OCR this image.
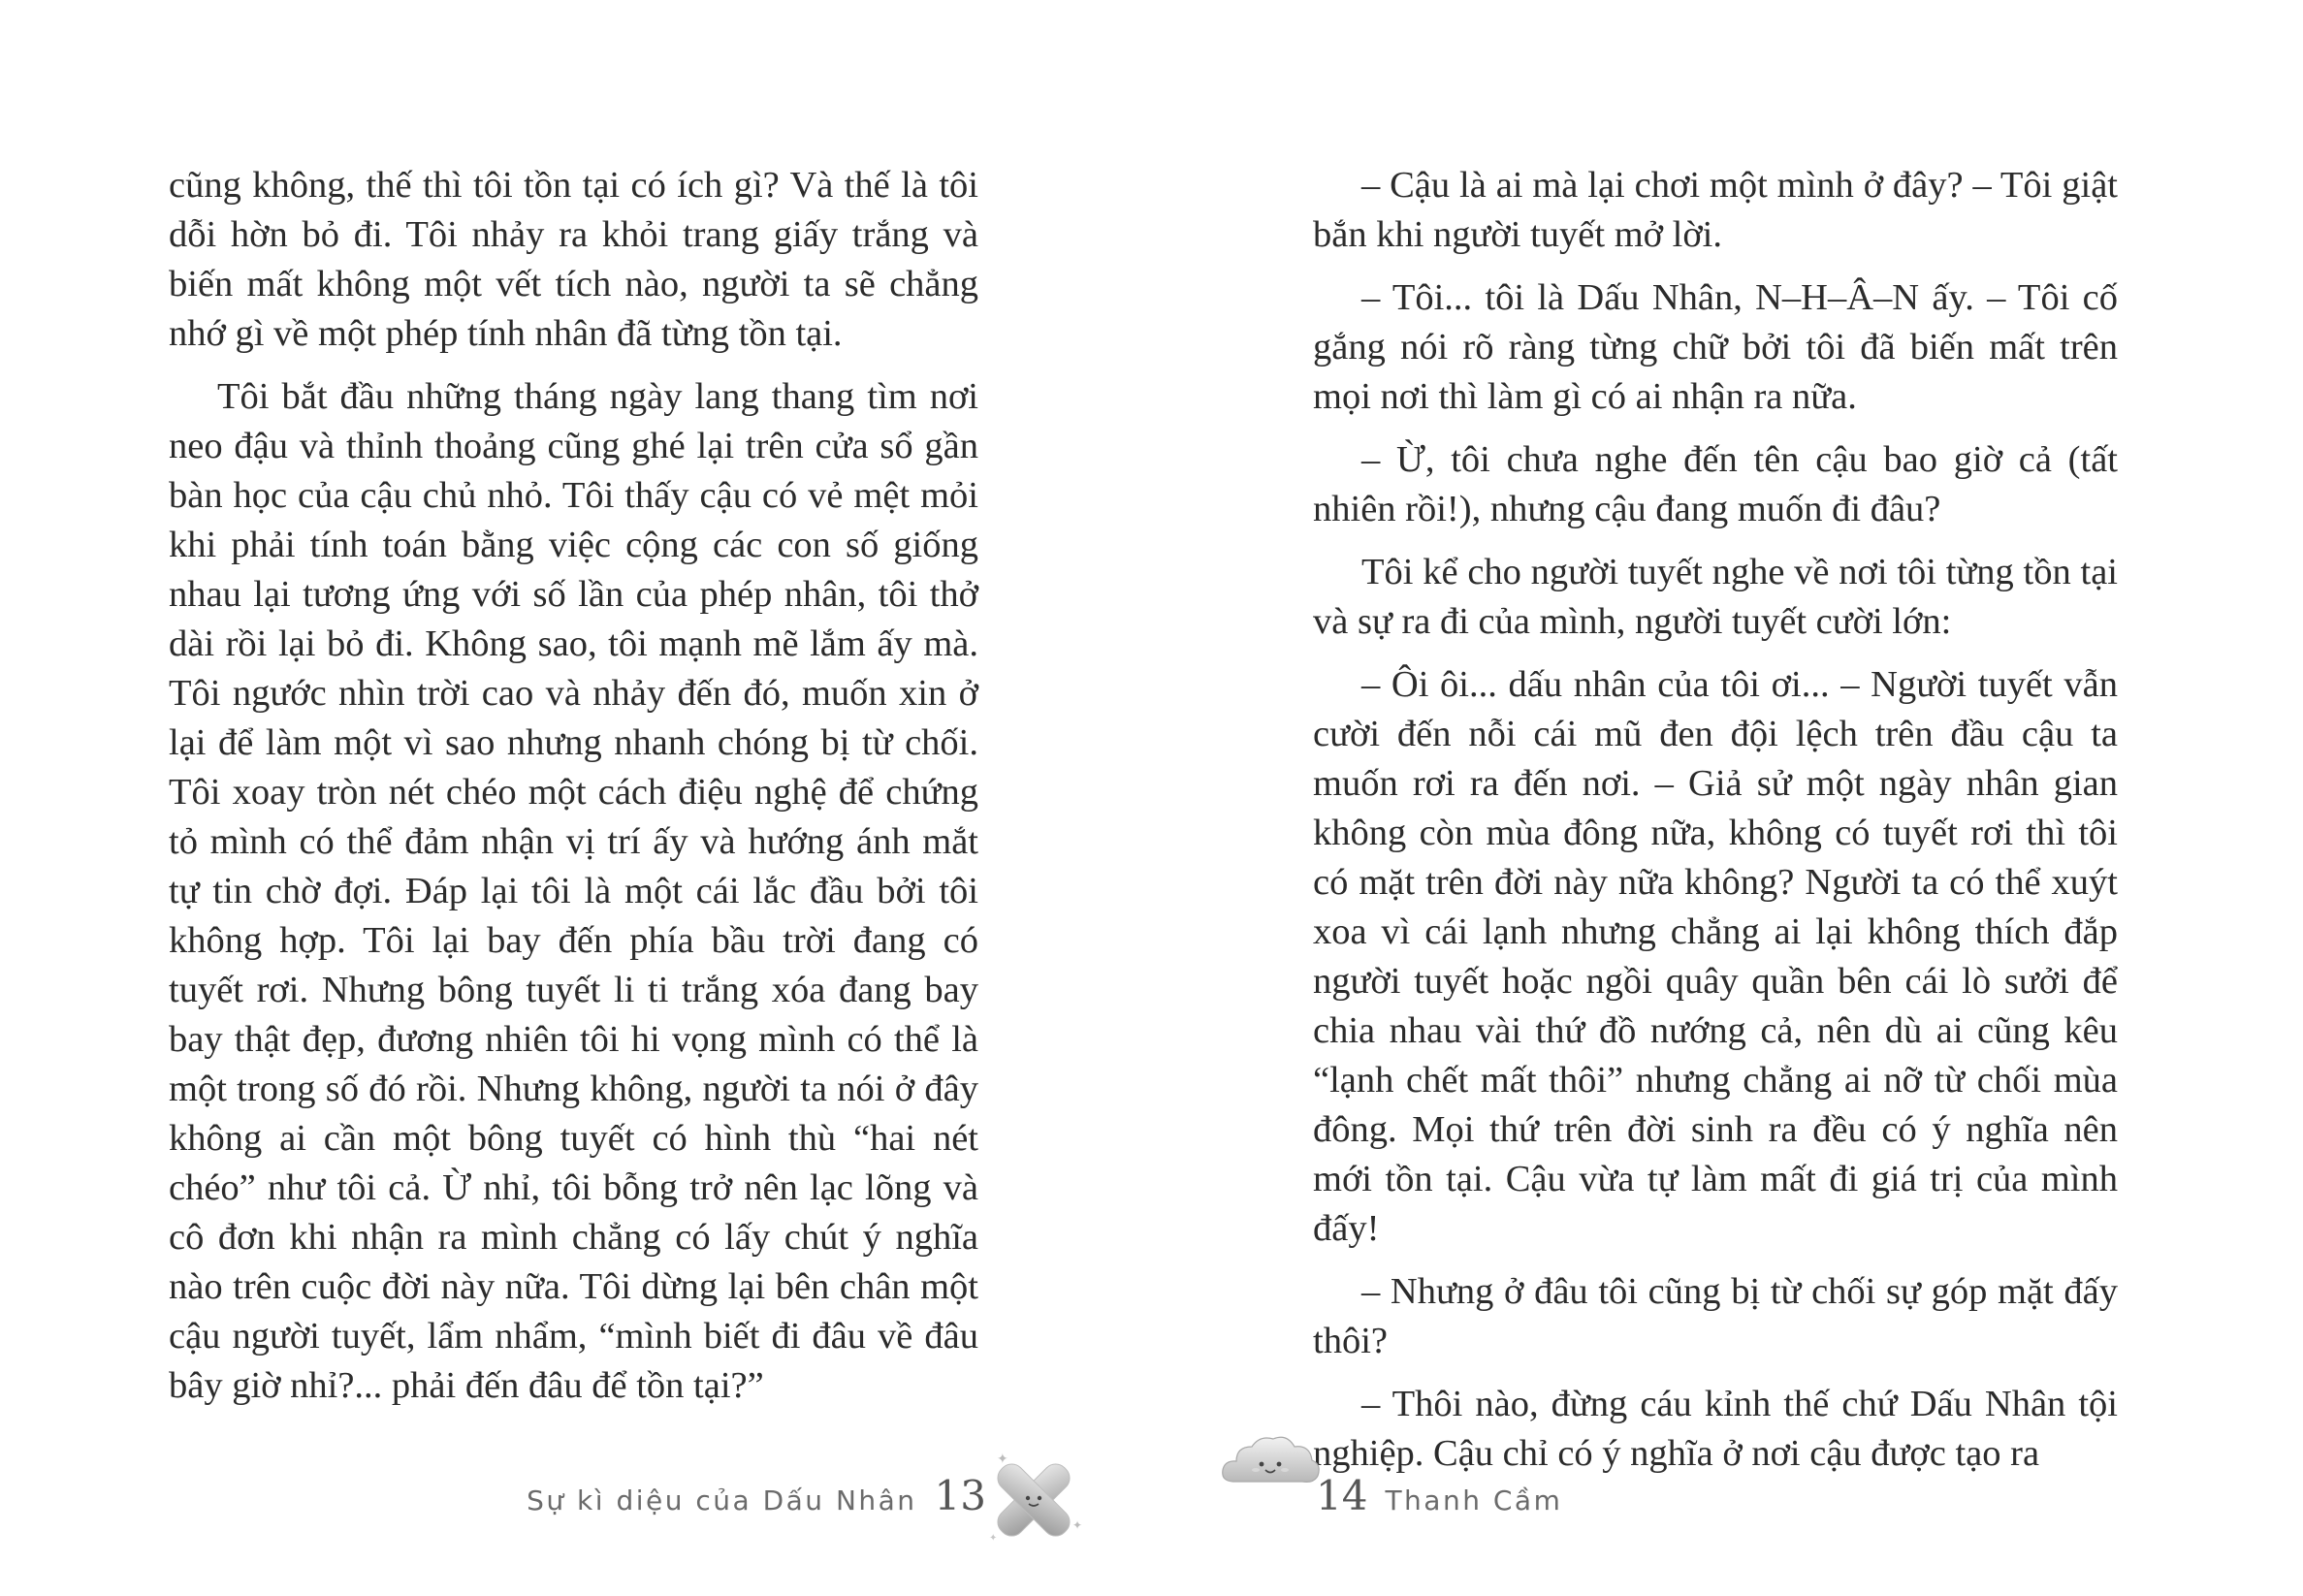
cũng không, thế thì tôi tồn tại có ích gì? Và thế là tôi dỗi hờn bỏ đi. Tôi nhảy ra khỏi trang giấy trắng và biến mất không một vết tích nào, người ta sẽ chẳng nhớ gì về một phép tính nhân đã từng tồn tại.

Tôi bắt đầu những tháng ngày lang thang tìm nơi neo đậu và thỉnh thoảng cũng ghé lại trên cửa sổ gần bàn học của cậu chủ nhỏ. Tôi thấy cậu có vẻ mệt mỏi khi phải tính toán bằng việc cộng các con số giống nhau lại tương ứng với số lần của phép nhân, tôi thở dài rồi lại bỏ đi. Không sao, tôi mạnh mẽ lắm ấy mà. Tôi ngước nhìn trời cao và nhảy đến đó, muốn xin ở lại để làm một vì sao nhưng nhanh chóng bị từ chối. Tôi xoay tròn nét chéo một cách điệu nghệ để chứng tỏ mình có thể đảm nhận vị trí ấy và hướng ánh mắt tự tin chờ đợi. Đáp lại tôi là một cái lắc đầu bởi tôi không hợp. Tôi lại bay đến phía bầu trời đang có tuyết rơi. Nhưng bông tuyết li ti trắng xóa đang bay bay thật đẹp, đương nhiên tôi hi vọng mình có thể là một trong số đó rồi. Nhưng không, người ta nói ở đây không ai cần một bông tuyết có hình thù “hai nét chéo” như tôi cả. Ừ nhỉ, tôi bỗng trở nên lạc lõng và cô đơn khi nhận ra mình chẳng có lấy chút ý nghĩa nào trên cuộc đời này nữa. Tôi dừng lại bên chân một cậu người tuyết, lẩm nhẩm, “mình biết đi đâu về đâu bây giờ nhỉ?... phải đến đâu để tồn tại?”

Sự kì diệu của Dấu Nhân 13
✦
✦
✦

– Cậu là ai mà lại chơi một mình ở đây? – Tôi giật bắn khi người tuyết mở lời.

– Tôi... tôi là Dấu Nhân, N–H–Â–N ấy. – Tôi cố gắng nói rõ ràng từng chữ bởi tôi đã biến mất trên mọi nơi thì làm gì có ai nhận ra nữa.

– Ừ, tôi chưa nghe đến tên cậu bao giờ cả (tất nhiên rồi!), nhưng cậu đang muốn đi đâu?

Tôi kể cho người tuyết nghe về nơi tôi từng tồn tại và sự ra đi của mình, người tuyết cười lớn:

– Ôi ôi... dấu nhân của tôi ơi... – Người tuyết vẫn cười đến nỗi cái mũ đen đội lệch trên đầu cậu ta muốn rơi ra đến nơi. – Giả sử một ngày nhân gian không còn mùa đông nữa, không có tuyết rơi thì tôi có mặt trên đời này nữa không? Người ta có thể xuýt xoa vì cái lạnh nhưng chẳng ai lại không thích đắp người tuyết hoặc ngồi quây quần bên cái lò sưởi để chia nhau vài thứ đồ nướng cả, nên dù ai cũng kêu “lạnh chết mất thôi” nhưng chẳng ai nỡ từ chối mùa đông. Mọi thứ trên đời sinh ra đều có ý nghĩa nên mới tồn tại. Cậu vừa tự làm mất đi giá trị của mình đấy!

– Nhưng ở đâu tôi cũng bị từ chối sự góp mặt đấy thôi?

– Thôi nào, đừng cáu kỉnh thế chứ Dấu Nhân tội nghiệp. Cậu chỉ có ý nghĩa ở nơi cậu được tạo ra

14 Thanh Cầm
